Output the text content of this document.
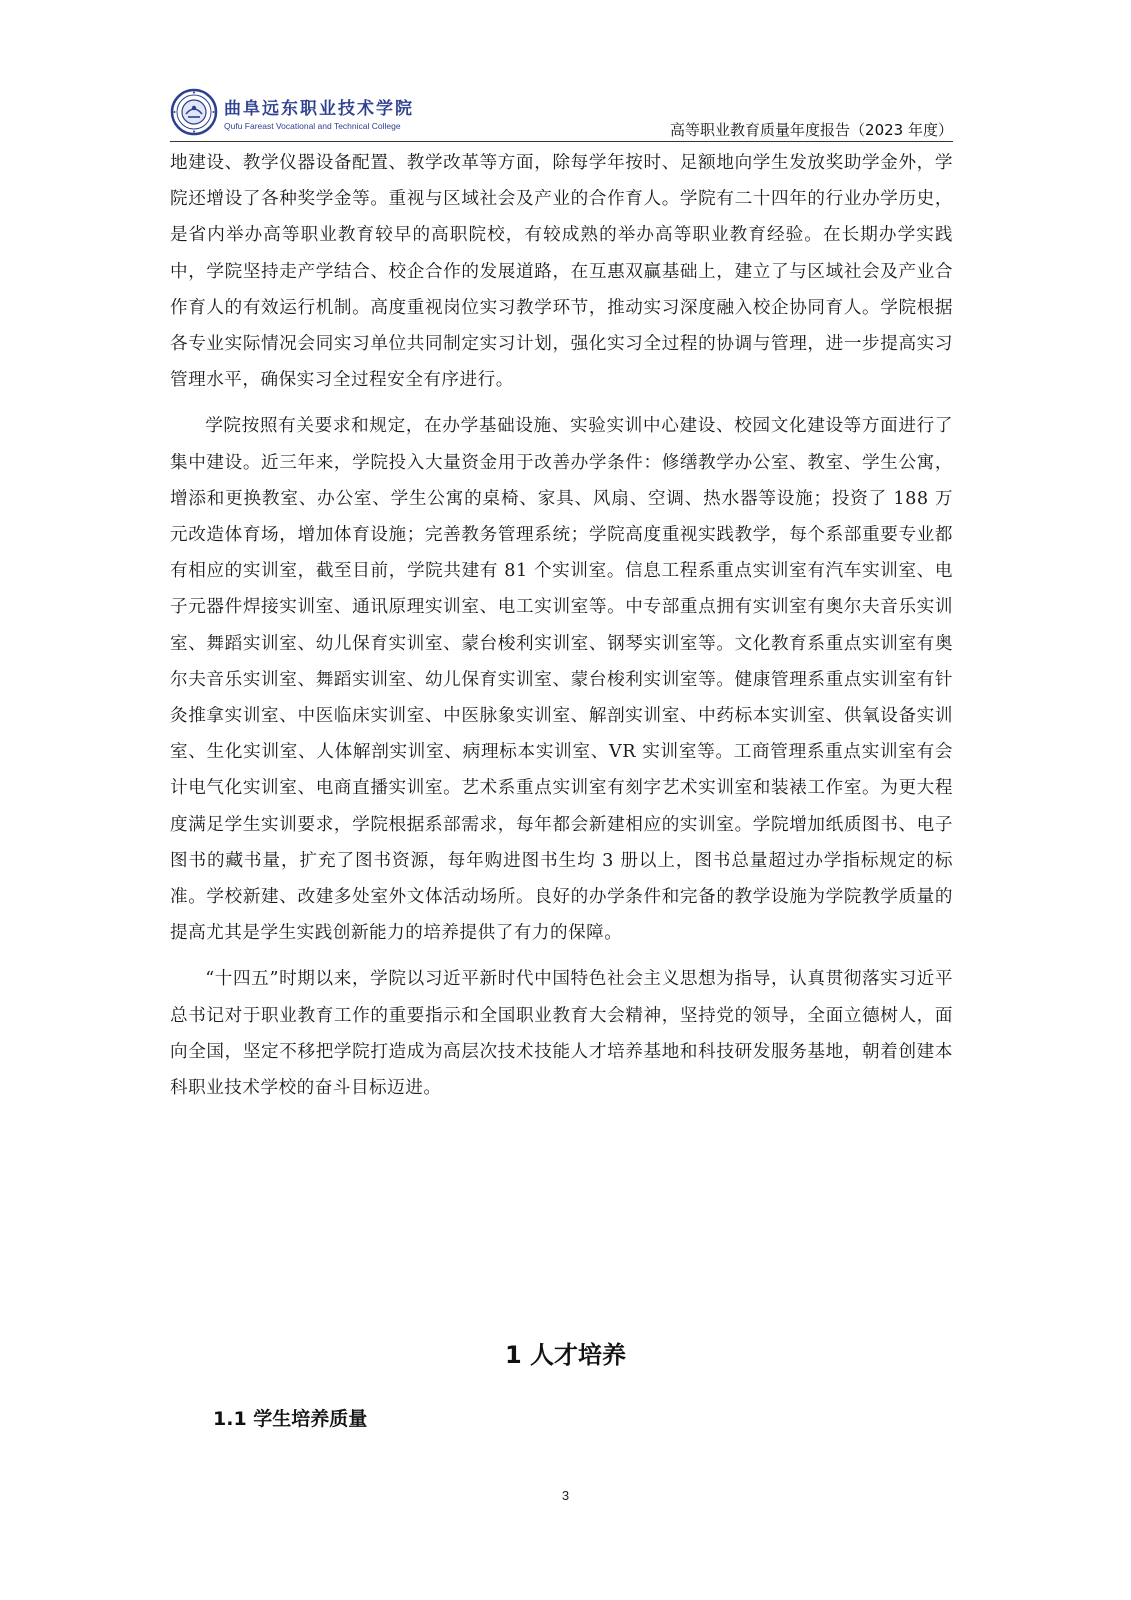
曲阜远东职业技术学院
Qufu Fareast Vocational and Technical College	高等职业教育质量年度报告（2023 年度）

地建设、教学仪器设备配置、教学改革等方面，除每学年按时、足额地向学生发放奖助学金外，学院还增设了各种奖学金等。重视与区域社会及产业的合作育人。学院有二十四年的行业办学历史，是省内举办高等职业教育较早的高职院校，有较成熟的举办高等职业教育经验。在长期办学实践中，学院坚持走产学结合、校企合作的发展道路，在互惠双赢基础上，建立了与区域社会及产业合作育人的有效运行机制。高度重视岗位实习教学环节，推动实习深度融入校企协同育人。学院根据各专业实际情况会同实习单位共同制定实习计划，强化实习全过程的协调与管理，进一步提高实习管理水平，确保实习全过程安全有序进行。

学院按照有关要求和规定，在办学基础设施、实验实训中心建设、校园文化建设等方面进行了集中建设。近三年来，学院投入大量资金用于改善办学条件：修缮教学办公室、教室、学生公寓，增添和更换教室、办公室、学生公寓的桌椅、家具、风扇、空调、热水器等设施；投资了 188 万元改造体育场，增加体育设施；完善教务管理系统；学院高度重视实践教学，每个系部重要专业都有相应的实训室，截至目前，学院共建有 81 个实训室。信息工程系重点实训室有汽车实训室、电子元器件焊接实训室、通讯原理实训室、电工实训室等。中专部重点拥有实训室有奥尔夫音乐实训室、舞蹈实训室、幼儿保育实训室、蒙台梭利实训室、钢琴实训室等。文化教育系重点实训室有奥尔夫音乐实训室、舞蹈实训室、幼儿保育实训室、蒙台梭利实训室等。健康管理系重点实训室有针灸推拿实训室、中医临床实训室、中医脉象实训室、解剖实训室、中药标本实训室、供氧设备实训室、生化实训室、人体解剖实训室、病理标本实训室、VR 实训室等。工商管理系重点实训室有会计电气化实训室、电商直播实训室。艺术系重点实训室有刻字艺术实训室和装裱工作室。为更大程度满足学生实训要求，学院根据系部需求，每年都会新建相应的实训室。学院增加纸质图书、电子图书的藏书量，扩充了图书资源，每年购进图书生均 3 册以上，图书总量超过办学指标规定的标准。学校新建、改建多处室外文体活动场所。良好的办学条件和完备的教学设施为学院教学质量的提高尤其是学生实践创新能力的培养提供了有力的保障。

“十四五”时期以来，学院以习近平新时代中国特色社会主义思想为指导，认真贯彻落实习近平总书记对于职业教育工作的重要指示和全国职业教育大会精神，坚持党的领导，全面立德树人，面向全国，坚定不移把学院打造成为高层次技术技能人才培养基地和科技研发服务基地，朝着创建本科职业技术学校的奋斗目标迈进。

1 人才培养
1.1 学生培养质量
3
